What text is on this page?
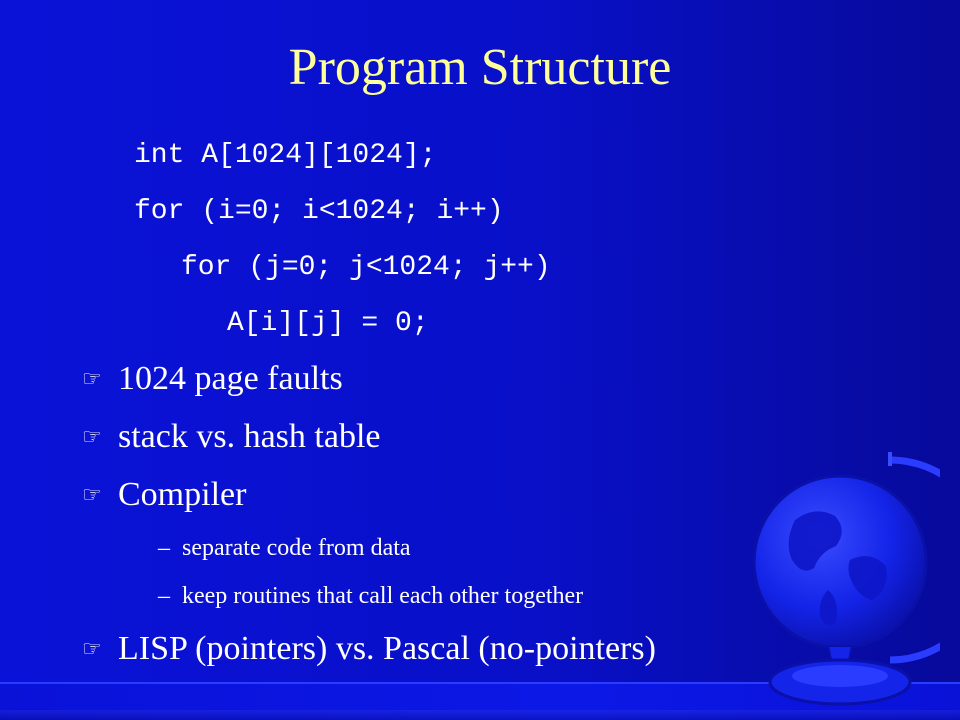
Program Structure
int A[1024][1024];
for (i=0; i<1024; i++)
for (j=0; j<1024; j++)
A[i][j] = 0;
☞ 1024 page faults
☞ stack vs. hash table
☞ Compiler
– separate code from data
– keep routines that call each other together
☞ LISP (pointers) vs. Pascal (no-pointers)
